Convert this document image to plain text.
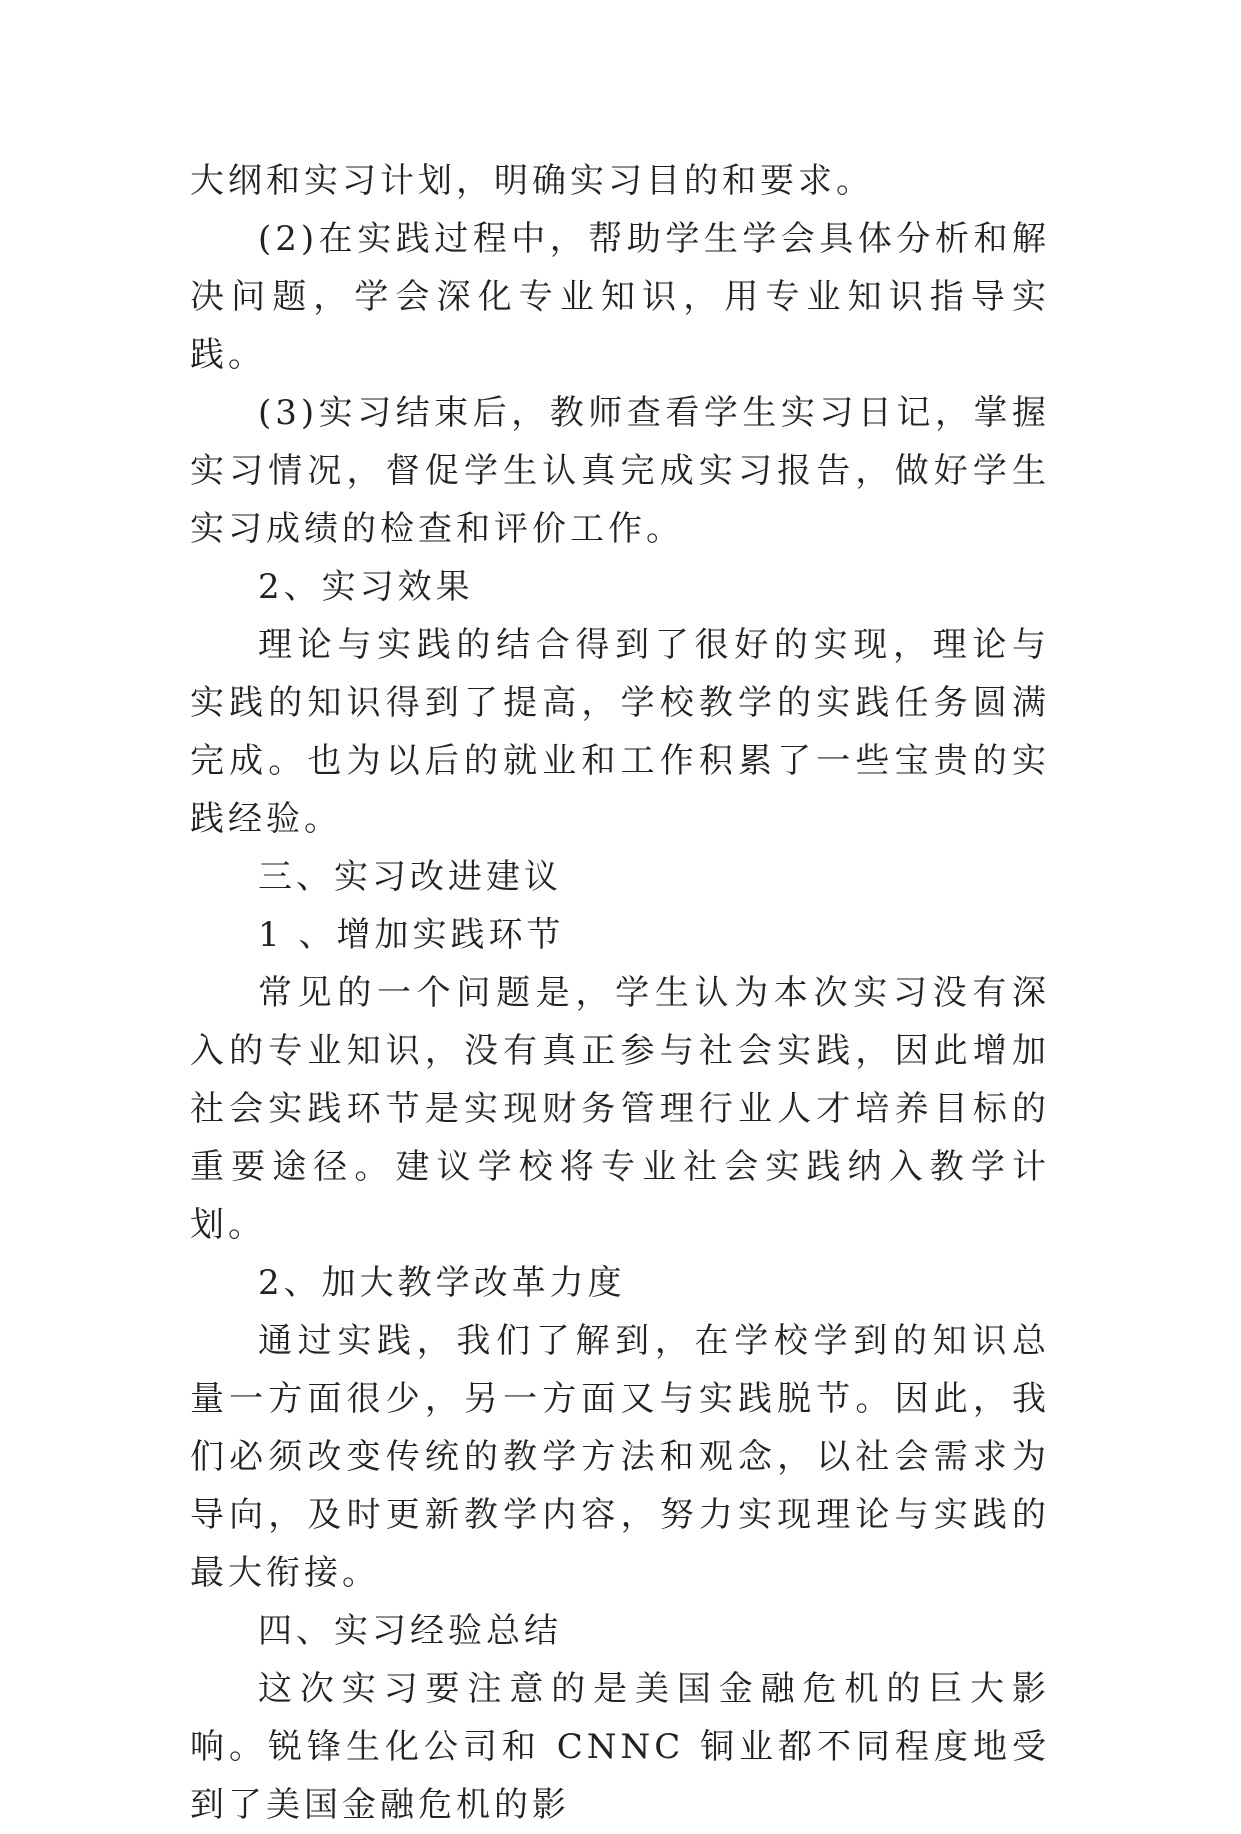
大纲和实习计划，明确实习目的和要求。

(2)在实践过程中，帮助学生学会具体分析和解决问题，学会深化专业知识，用专业知识指导实践。

(3)实习结束后，教师查看学生实习日记，掌握实习情况，督促学生认真完成实习报告，做好学生实习成绩的检查和评价工作。

2、实习效果

理论与实践的结合得到了很好的实现，理论与实践的知识得到了提高，学校教学的实践任务圆满完成。也为以后的就业和工作积累了一些宝贵的实践经验。

三、实习改进建议

1 、增加实践环节

常见的一个问题是，学生认为本次实习没有深入的专业知识，没有真正参与社会实践，因此增加社会实践环节是实现财务管理行业人才培养目标的重要途径。建议学校将专业社会实践纳入教学计划。

2、加大教学改革力度

通过实践，我们了解到，在学校学到的知识总量一方面很少，另一方面又与实践脱节。因此，我们必须改变传统的教学方法和观念，以社会需求为导向，及时更新教学内容，努力实现理论与实践的最大衔接。

四、实习经验总结

这次实习要注意的是美国金融危机的巨大影响。锐锋生化公司和 CNNC 铜业都不同程度地受到了美国金融危机的影
